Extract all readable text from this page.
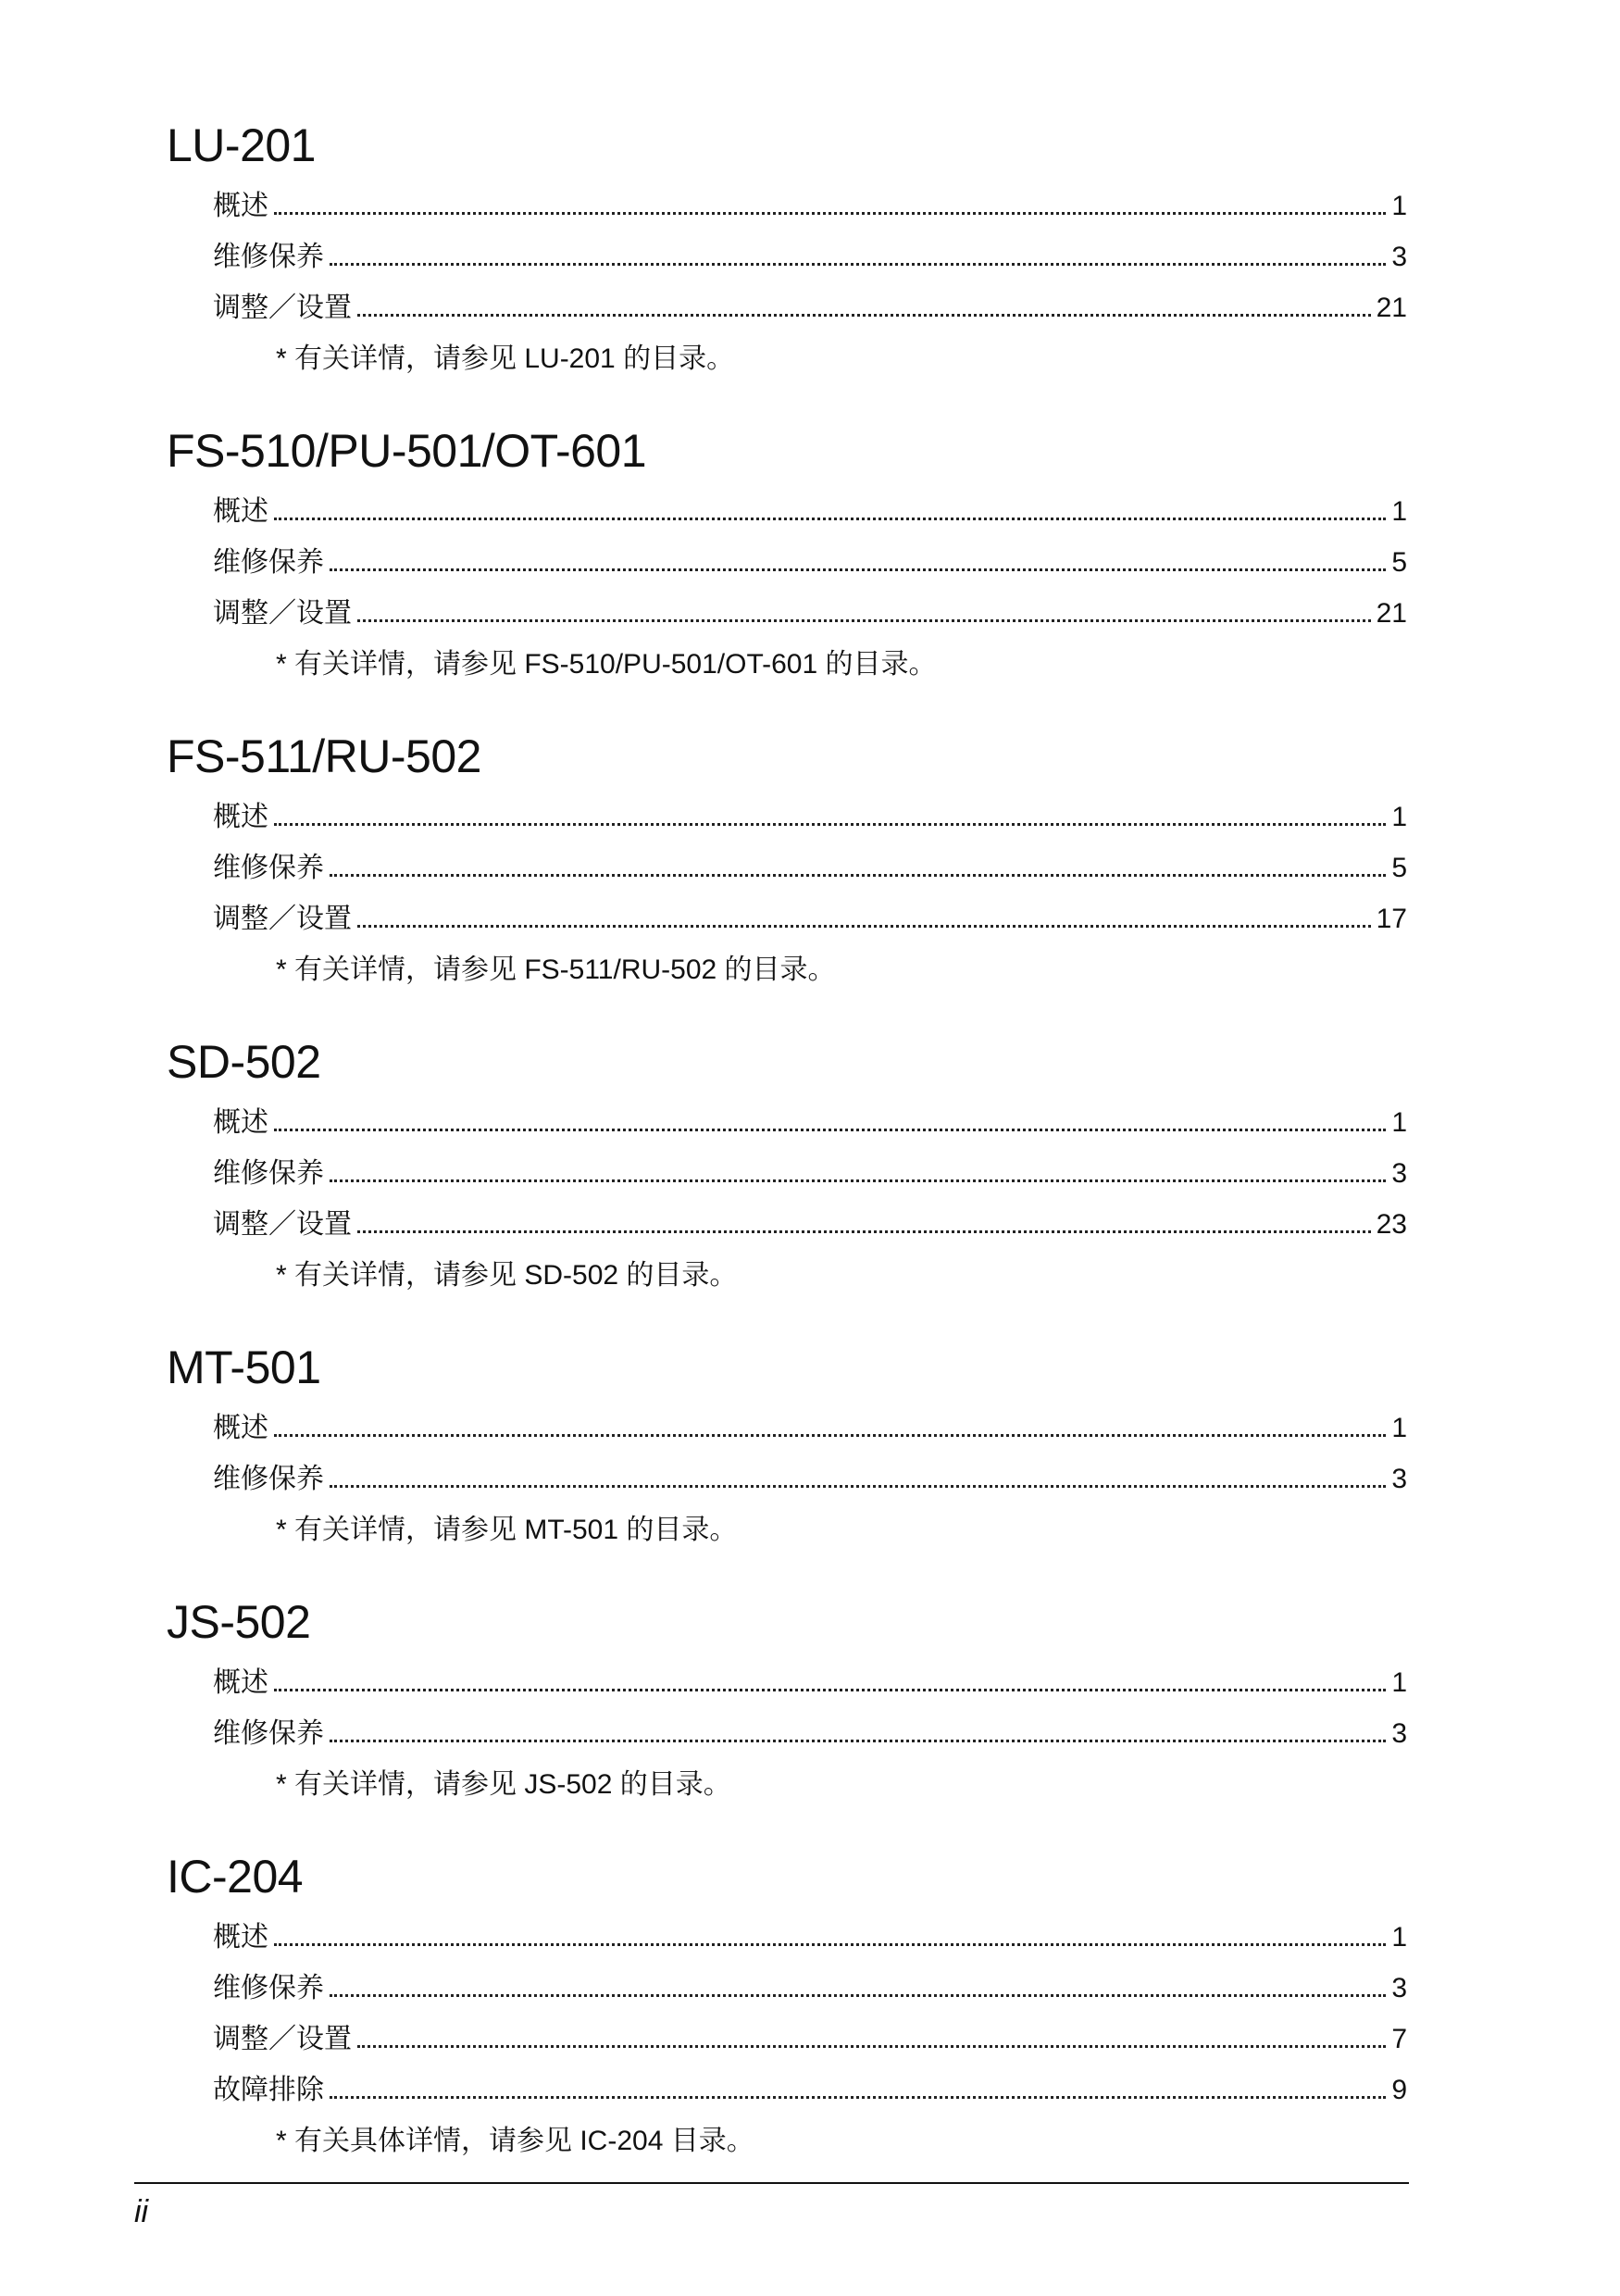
LU-201
概述	1
维修保养	3
调整／设置	21
* 有关详情，请参见 LU-201 的目录。
FS-510/PU-501/OT-601
概述	1
维修保养	5
调整／设置	21
* 有关详情，请参见 FS-510/PU-501/OT-601 的目录。
FS-511/RU-502
概述	1
维修保养	5
调整／设置	17
* 有关详情，请参见 FS-511/RU-502 的目录。
SD-502
概述	1
维修保养	3
调整／设置	23
* 有关详情，请参见 SD-502 的目录。
MT-501
概述	1
维修保养	3
* 有关详情，请参见 MT-501 的目录。
JS-502
概述	1
维修保养	3
* 有关详情，请参见 JS-502 的目录。
IC-204
概述	1
维修保养	3
调整／设置	7
故障排除	9
* 有关具体详情，请参见 IC-204 目录。
ii
